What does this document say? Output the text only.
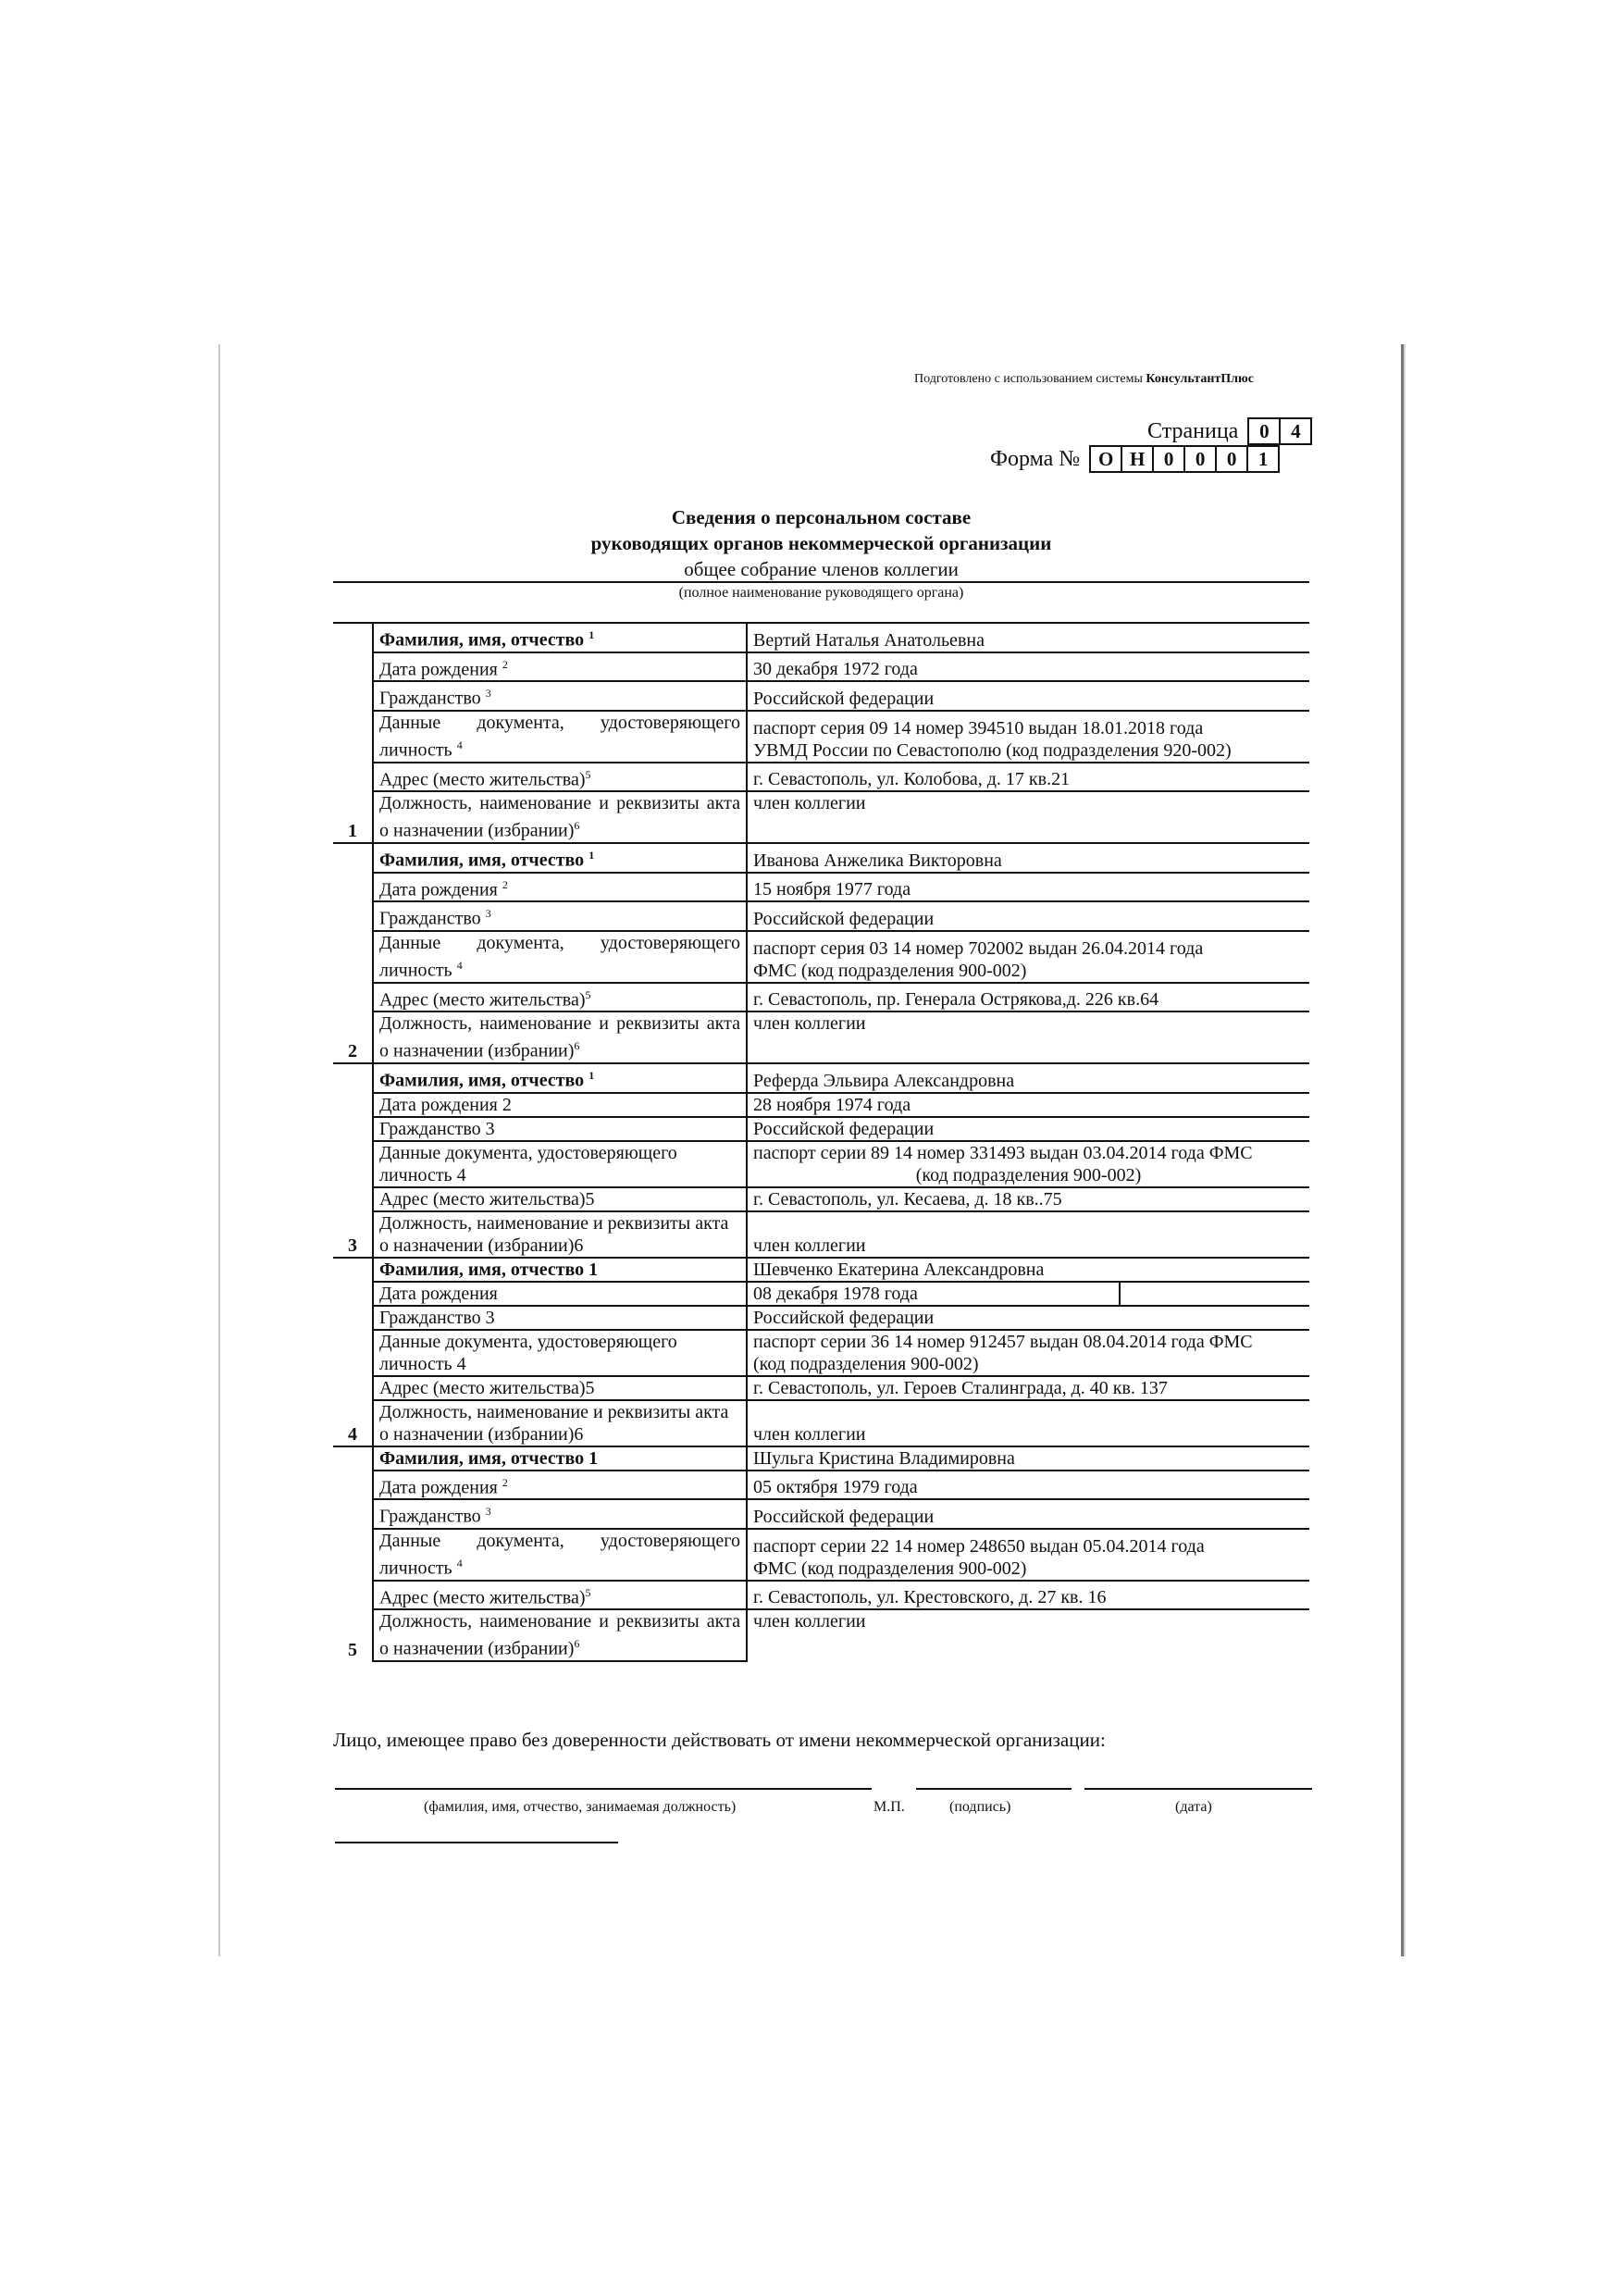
Подготовлено с использованием системы КонсультантПлюс
Страница	0	4
Форма № О Н 0	0	0	1
Сведения о персональном составе
руководящих органов некоммерческой организации
общее собрание членов коллегии
(полное наименование руководящего органа)
1	Фамилия, имя, отчество $^1$	Вертий Наталья Анатольевна
	Дата рождения $^2$	30 декабря 1972 года
	Гражданство $^3$	Российской федерации
	Данные документа, удостоверяющего личность $^4$	паспорт серия 09 14 номер 394510 выдан 18.01.2018 года
УВМД России по Севастополю (код подразделения 920-002)

	Адрес (место жительства)$^5$	г. Севастополь, ул. Колобова, д. 17 кв.21
	Должность, наименование и реквизиты акта о назначении (избрании)$^6$	член коллегии
2	Фамилия, имя, отчество $^1$	Иванова Анжелика Викторовна
	Дата рождения $^2$	15 ноября 1977 года
	Гражданство $^3$	Российской федерации
	Данные документа, удостоверяющего личность $^4$	паспорт серия 03 14 номер 702002 выдан 26.04.2014 года
ФМС (код подразделения 900-002)

	Адрес (место жительства)$^5$	г. Севастополь, пр. Генерала Острякова,д. 226 кв.64
	Должность, наименование и реквизиты акта о назначении (избрании)$^6$	член коллегии
3	Фамилия, имя, отчество $^1$	Реферда Эльвира Александровна
	Дата рождения 2	28 ноября 1974 года
	Гражданство 3	Российской федерации
	Данные документа, удостоверяющего личность 4	паспорт серии 89 14 номер 331493 выдан 03.04.2014 года ФМС
(код подразделения 900-002)

	Адрес (место жительства)5	г. Севастополь, ул. Кесаева, д. 18 кв..75
	Должность, наименование и реквизиты акта о назначении (избрании)6	член коллегии
4	Фамилия, имя, отчество 1	Шевченко Екатерина Александровна
	Дата рождения	08 декабря 1978 года
	Гражданство 3	Российской федерации
	Данные документа, удостоверяющего личность 4	паспорт серии 36 14 номер 912457 выдан 08.04.2014 года ФМС
(код подразделения 900-002)

	Адрес (место жительства)5	г. Севастополь, ул. Героев Сталинграда, д. 40 кв. 137
	Должность, наименование и реквизиты акта о назначении (избрании)6	член коллегии
5	Фамилия, имя, отчество 1	Шульга Кристина Владимировна
	Дата рождения $^2$	05 октября 1979 года
	Гражданство $^3$	Российской федерации
	Данные документа, удостоверяющего личность $^4$	паспорт серии 22 14 номер 248650 выдан 05.04.2014 года
ФМС (код подразделения 900-002)

	Адрес (место жительства)$^5$	г. Севастополь, ул. Крестовского, д. 27 кв. 16
	Должность, наименование и реквизиты акта о назначении (избрании)$^6$	член коллегии
Лицо, имеющее право без доверенности действовать от имени некоммерческой организации:
(фамилия, имя, отчество, занимаемая должность)	М.П.	(подпись)	(дата)
